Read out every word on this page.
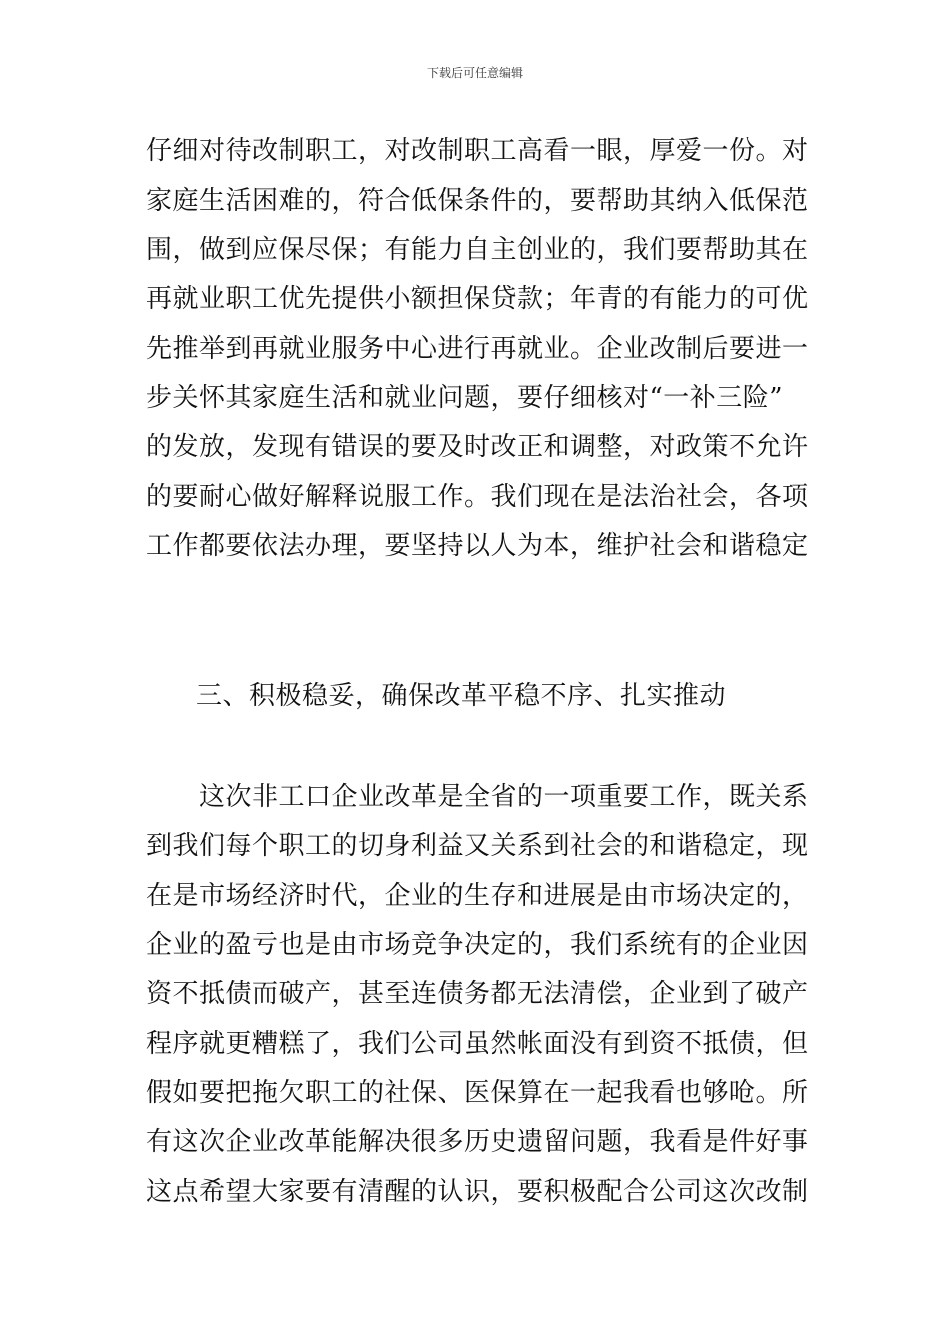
下载后可任意编辑
仔细对待改制职工，对改制职工高看一眼，厚爱一份。对
家庭生活困难的，符合低保条件的，要帮助其纳入低保范
围，做到应保尽保；有能力自主创业的，我们要帮助其在
再就业职工优先提供小额担保贷款；年青的有能力的可优
先推举到再就业服务中心进行再就业。企业改制后要进一
步关怀其家庭生活和就业问题，要仔细核对“一补三险”
的发放，发现有错误的要及时改正和调整，对政策不允许
的要耐心做好解释说服工作。我们现在是法治社会，各项
工作都要依法办理，要坚持以人为本，维护社会和谐稳定
三、积极稳妥，确保改革平稳不序、扎实推动
　　这次非工口企业改革是全省的一项重要工作，既关系
到我们每个职工的切身利益又关系到社会的和谐稳定，现
在是市场经济时代，企业的生存和进展是由市场决定的，
企业的盈亏也是由市场竞争决定的，我们系统有的企业因
资不抵债而破产，甚至连债务都无法清偿，企业到了破产
程序就更糟糕了，我们公司虽然帐面没有到资不抵债，但
假如要把拖欠职工的社保、医保算在一起我看也够呛。所
有这次企业改革能解决很多历史遗留问题，我看是件好事
这点希望大家要有清醒的认识，要积极配合公司这次改制
